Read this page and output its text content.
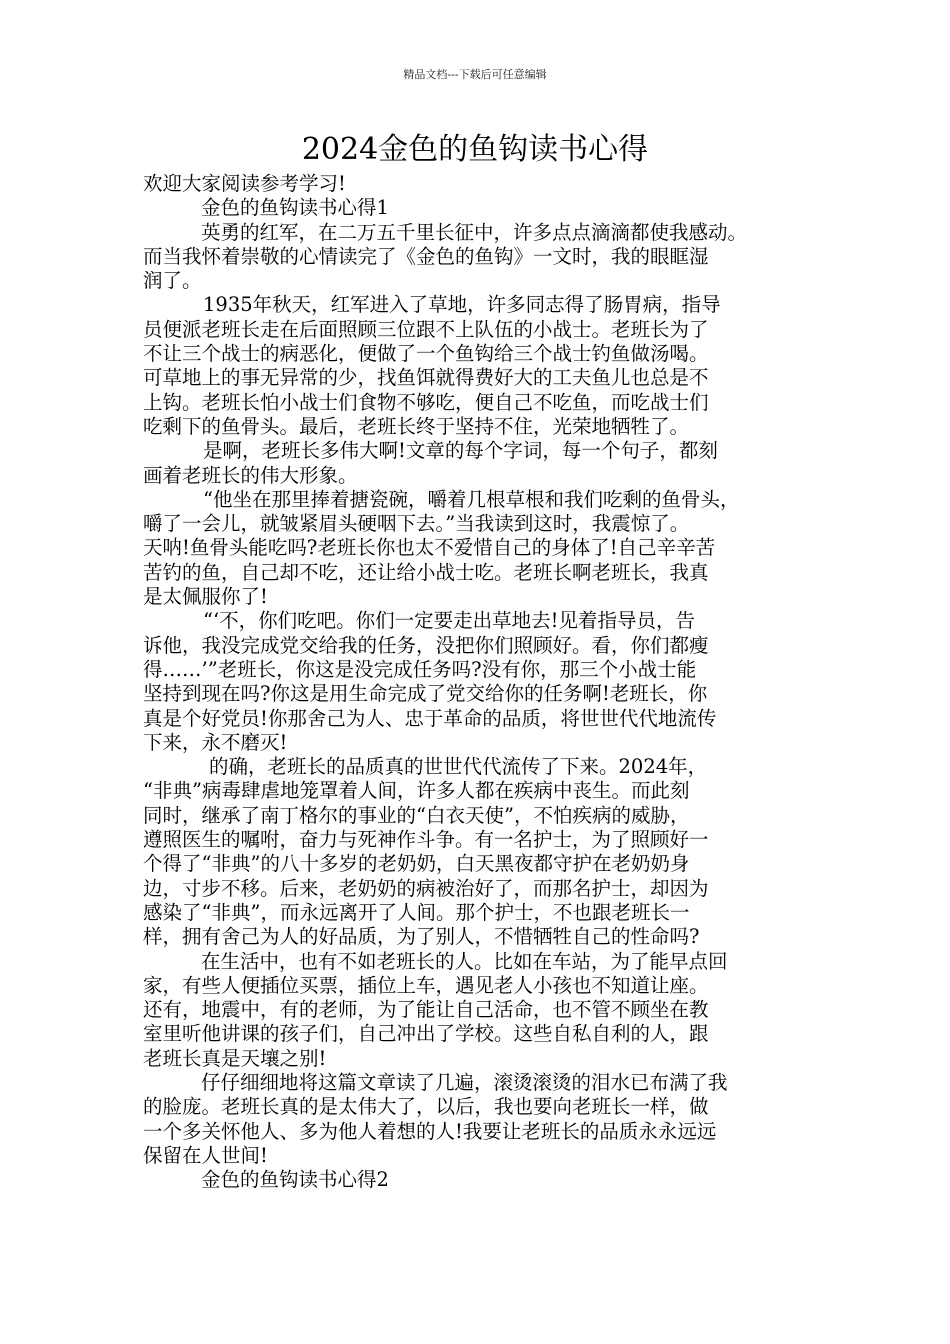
精品文档---下载后可任意编辑
2024金色的鱼钩读书心得
欢迎大家阅读参考学习!
金色的鱼钩读书心得1
英勇的红军，在二万五千里长征中，许多点点滴滴都使我感动。
而当我怀着崇敬的心情读完了《金色的鱼钩》一文时，我的眼眶湿
润了。
1935年秋天，红军进入了草地，许多同志得了肠胃病，指导
员便派老班长走在后面照顾三位跟不上队伍的小战士。老班长为了
不让三个战士的病恶化，便做了一个鱼钩给三个战士钓鱼做汤喝。
可草地上的事无异常的少，找鱼饵就得费好大的工夫鱼儿也总是不
上钩。老班长怕小战士们食物不够吃，便自己不吃鱼，而吃战士们
吃剩下的鱼骨头。最后，老班长终于坚持不住，光荣地牺牲了。
是啊，老班长多伟大啊!文章的每个字词，每一个句子，都刻
画着老班长的伟大形象。
“他坐在那里捧着搪瓷碗，嚼着几根草根和我们吃剩的鱼骨头，
嚼了一会儿，就皱紧眉头硬咽下去。”当我读到这时，我震惊了。
天呐!鱼骨头能吃吗?老班长你也太不爱惜自己的身体了!自己辛辛苦
苦钓的鱼，自己却不吃，还让给小战士吃。老班长啊老班长，我真
是太佩服你了!
“‘不，你们吃吧。你们一定要走出草地去!见着指导员，告
诉他，我没完成党交给我的任务，没把你们照顾好。看，你们都瘦
得……’”老班长，你这是没完成任务吗?没有你，那三个小战士能
坚持到现在吗?你这是用生命完成了党交给你的任务啊!老班长，你
真是个好党员!你那舍己为人、忠于革命的品质，将世世代代地流传
下来，永不磨灭!
的确，老班长的品质真的世世代代流传了下来。2024年，
“非典”病毒肆虐地笼罩着人间，许多人都在疾病中丧生。而此刻
同时，继承了南丁格尔的事业的“白衣天使”，不怕疾病的威胁，
遵照医生的嘱咐，奋力与死神作斗争。有一名护士，为了照顾好一
个得了“非典”的八十多岁的老奶奶，白天黑夜都守护在老奶奶身
边，寸步不移。后来，老奶奶的病被治好了，而那名护士，却因为
感染了“非典”，而永远离开了人间。那个护士，不也跟老班长一
样，拥有舍己为人的好品质，为了别人，不惜牺牲自己的性命吗?
在生活中，也有不如老班长的人。比如在车站，为了能早点回
家，有些人便插位买票，插位上车，遇见老人小孩也不知道让座。
还有，地震中，有的老师，为了能让自己活命，也不管不顾坐在教
室里听他讲课的孩子们，自己冲出了学校。这些自私自利的人，跟
老班长真是天壤之别!
仔仔细细地将这篇文章读了几遍，滚烫滚烫的泪水已布满了我
的脸庞。老班长真的是太伟大了，以后，我也要向老班长一样，做
一个多关怀他人、多为他人着想的人!我要让老班长的品质永永远远
保留在人世间!
金色的鱼钩读书心得2
